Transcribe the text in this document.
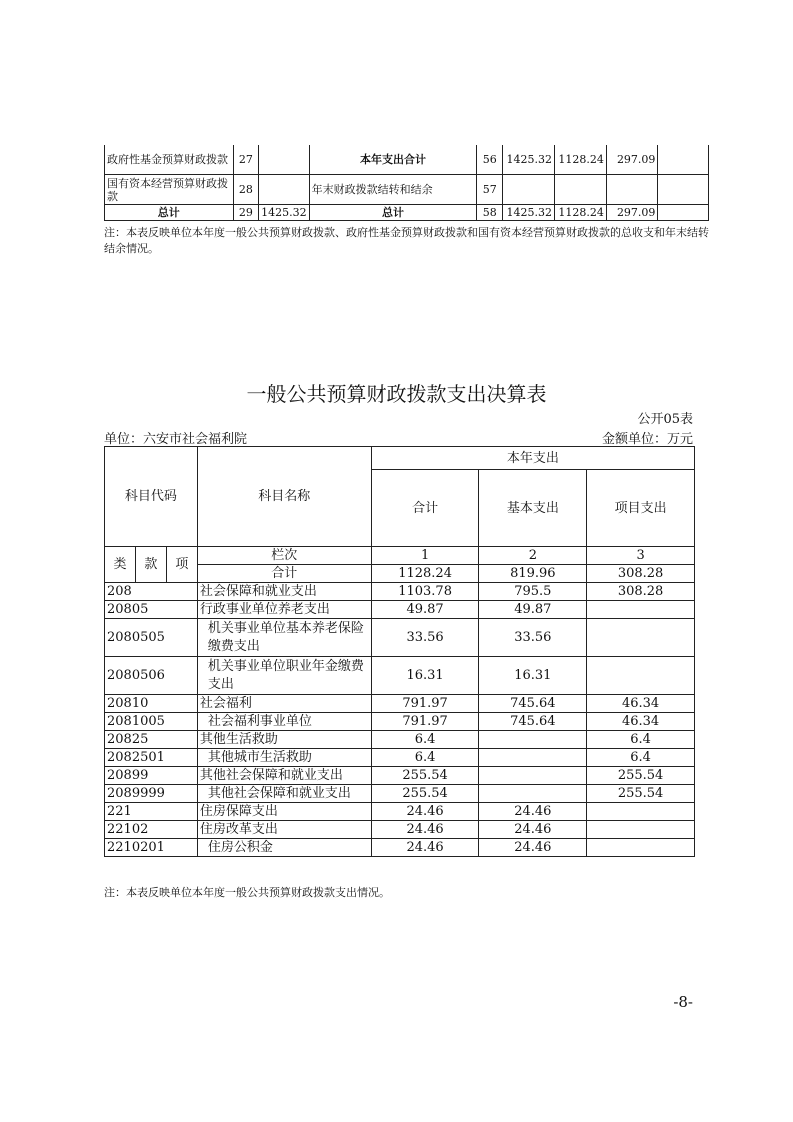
政府性基金预算财政拨款	27		本年支出合计	56	1425.32	1128.24	297.09	
国有资本经营预算财政拨款	28		年末财政拨款结转和结余	57				
总计	29	1425.32	总计	58	1425.32	1128.24	297.09	
注：本表反映单位本年度一般公共预算财政拨款、政府性基金预算财政拨款和国有资本经营预算财政拨款的总收支和年末结转结余情况。
一般公共预算财政拨款支出决算表
公开05表
单位：六安市社会福利院	金额单位：万元
科目代码			科目名称	本年支出		
				合计	基本支出	项目支出
类	款	项	栏次	1	2	3
			合计	1128.24	819.96	308.28
208			社会保障和就业支出	1103.78	795.5	308.28
20805			行政事业单位养老支出	49.87	49.87	
2080505			机关事业单位基本养老保险缴费支出	33.56	33.56	
2080506			机关事业单位职业年金缴费支出	16.31	16.31	
20810			社会福利	791.97	745.64	46.34
2081005			社会福利事业单位	791.97	745.64	46.34
20825			其他生活救助	6.4		6.4
2082501			其他城市生活救助	6.4		6.4
20899			其他社会保障和就业支出	255.54		255.54
2089999			其他社会保障和就业支出	255.54		255.54
221			住房保障支出	24.46	24.46	
22102			住房改革支出	24.46	24.46	
2210201			住房公积金	24.46	24.46	
注：本表反映单位本年度一般公共预算财政拨款支出情况。
-8-
